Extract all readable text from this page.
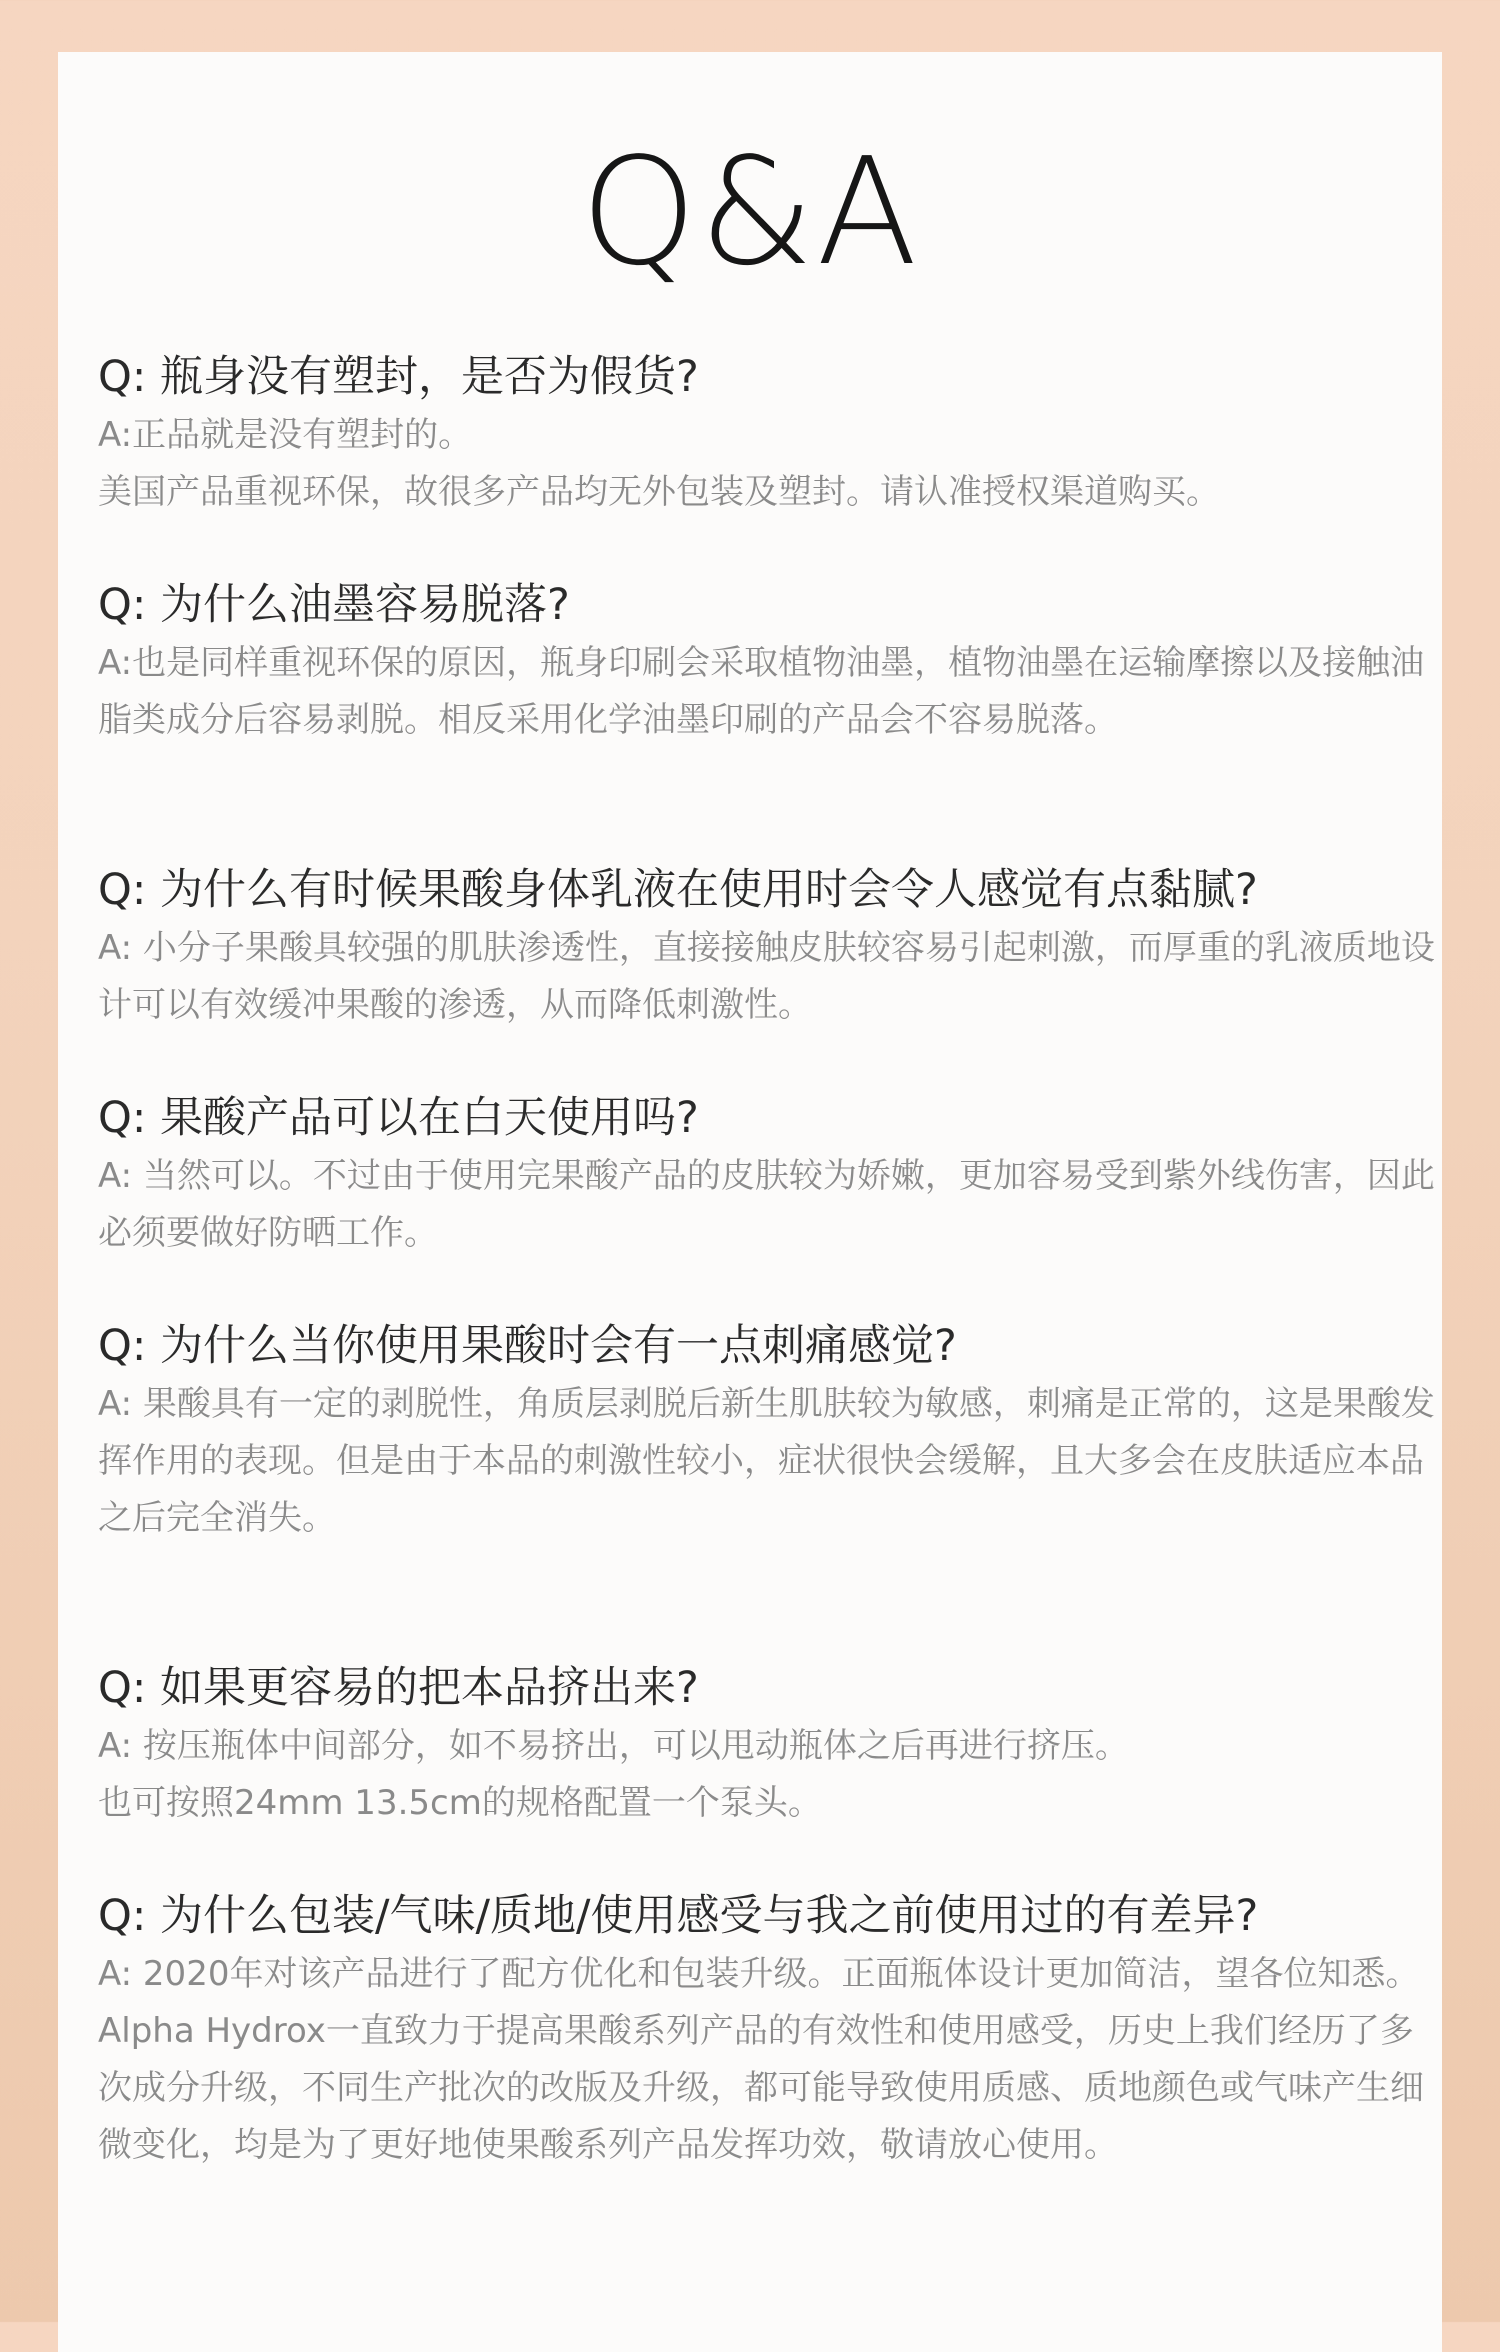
Q&A
Q: 瓶身没有塑封，是否为假货?

A:正品就是没有塑封的。

美国产品重视环保，故很多产品均无外包装及塑封。请认准授权渠道购买。

Q: 为什么油墨容易脱落?

A:也是同样重视环保的原因，瓶身印刷会采取植物油墨，植物油墨在运输摩擦以及接触油脂类成分后容易剥脱。相反采用化学油墨印刷的产品会不容易脱落。

Q: 为什么有时候果酸身体乳液在使用时会令人感觉有点黏腻?

A: 小分子果酸具较强的肌肤渗透性，直接接触皮肤较容易引起刺激，而厚重的乳液质地设计可以有效缓冲果酸的渗透，从而降低刺激性。

Q: 果酸产品可以在白天使用吗?

A: 当然可以。不过由于使用完果酸产品的皮肤较为娇嫩，更加容易受到紫外线伤害，因此必须要做好防晒工作。

Q: 为什么当你使用果酸时会有一点刺痛感觉?

A: 果酸具有一定的剥脱性，角质层剥脱后新生肌肤较为敏感，刺痛是正常的，这是果酸发挥作用的表现。但是由于本品的刺激性较小，症状很快会缓解，且大多会在皮肤适应本品之后完全消失。

Q: 如果更容易的把本品挤出来?

A: 按压瓶体中间部分，如不易挤出，可以甩动瓶体之后再进行挤压。

也可按照24mm 13.5cm的规格配置一个泵头。

Q: 为什么包装/气味/质地/使用感受与我之前使用过的有差异?

A: 2020年对该产品进行了配方优化和包装升级。正面瓶体设计更加简洁，望各位知悉。

Alpha Hydrox一直致力于提高果酸系列产品的有效性和使用感受，历史上我们经历了多次成分升级，不同生产批次的改版及升级，都可能导致使用质感、质地颜色或气味产生细微变化，均是为了更好地使果酸系列产品发挥功效，敬请放心使用。
